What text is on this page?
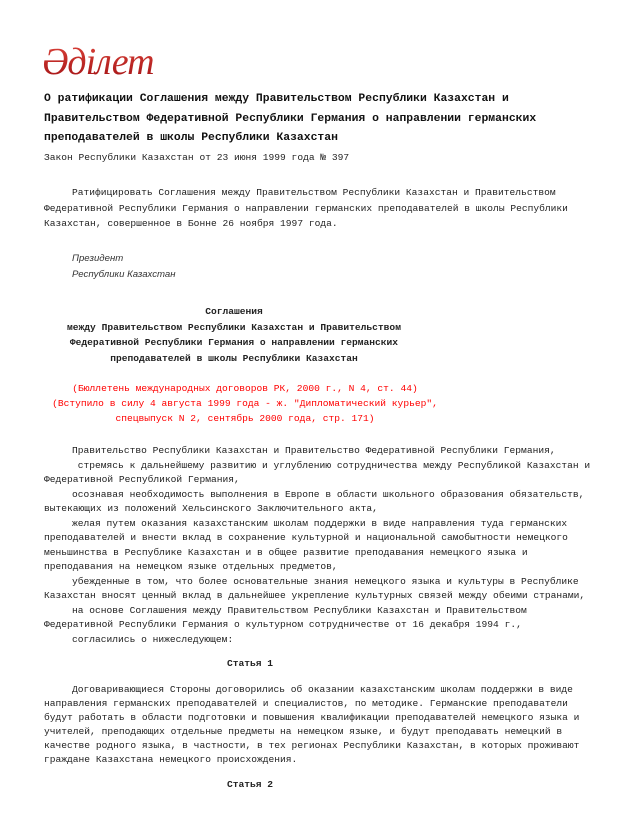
Әділет
О ратификации Соглашения между Правительством Республики Казахстан и
Правительством Федеративной Республики Германия о направлении германских
преподавателей в школы Республики Казахстан
Закон Республики Казахстан от 23 июня 1999 года № 397
Ратифицировать Соглашения между Правительством Республики Казахстан и Правительством
Федеративной Республики Германия о направлении германских преподавателей в школы Республики
Казахстан, совершенное в Бонне 26 ноября 1997 года.
Президент
Республики Казахстан
Соглашения
между Правительством Республики Казахстан и Правительством
Федеративной Республики Германия о направлении германских
преподавателей в школы Республики Казахстан
(Бюллетень международных договоров РК, 2000 г., N 4, ст. 44)
(Вступило в силу 4 августа 1999 года - ж. "Дипломатический курьер",
спецвыпуск N 2, сентябрь 2000 года, стр. 171)
Правительство Республики Казахстан и Правительство Федеративной Республики Германия,
стремясь к дальнейшему развитию и углублению сотрудничества между Республикой Казахстан и
Федеративной Республикой Германия,
осознавая необходимость выполнения в Европе в области школьного образования обязательств,
вытекающих из положений Хельсинского Заключительного акта,
желая путем оказания казахстанским школам поддержки в виде направления туда германских
преподавателей и внести вклад в сохранение культурной и национальной самобытности немецкого
меньшинства в Республике Казахстан и в общее развитие преподавания немецкого языка и
преподавания на немецком языке отдельных предметов,
убежденные в том, что более основательные знания немецкого языка и культуры в Республике
Казахстан вносят ценный вклад в дальнейшее укрепление культурных связей между обеими странами,
на основе Соглашения между Правительством Республики Казахстан и Правительством
Федеративной Республики Германия о культурном сотрудничестве от 16 декабря 1994 г.,
согласились о нижеследующем:
Статья 1
Договаривающиеся Стороны договорились об оказании казахстанским школам поддержки в виде
направления германских преподавателей и специалистов, по методике. Германские преподаватели
будут работать в области подготовки и повышения квалификации преподавателей немецкого языка и
учителей, преподающих отдельные предметы на немецком языке, и будут преподавать немецкий в
качестве родного языка, в частности, в тех регионах Республики Казахстан, в которых проживают
граждане Казахстана немецкого происхождения.
Статья 2
